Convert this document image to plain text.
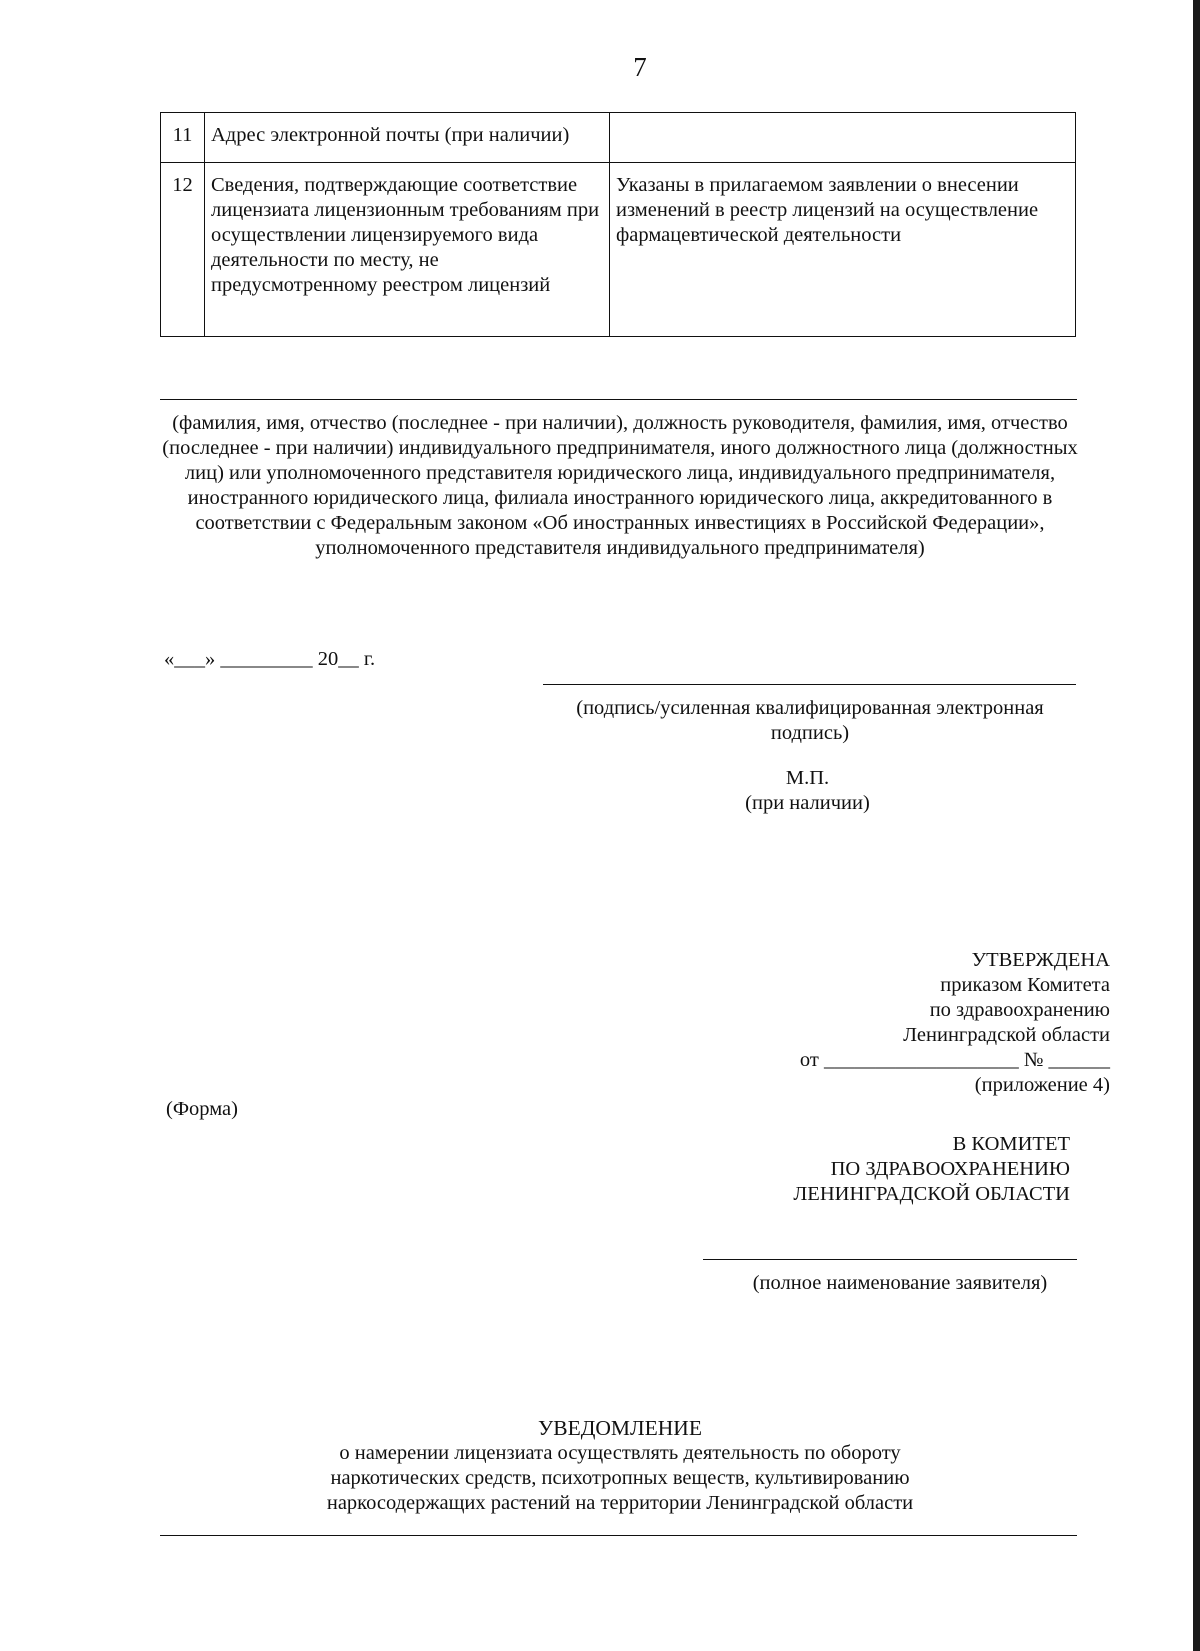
7
11	Адрес электронной почты (при наличии)	
12	Сведения, подтверждающие соответствие лицензиата лицензионным требованиям при осуществлении лицензируемого вида деятельности по месту, не предусмотренному реестром лицензий	Указаны в прилагаемом заявлении о внесении изменений в реестр лицензий на осуществление фармацевтической деятельности
(фамилия, имя, отчество (последнее - при наличии), должность руководителя, фамилия, имя, отчество (последнее - при наличии) индивидуального предпринимателя, иного должностного лица (должностных лиц) или уполномоченного представителя юридического лица, индивидуального предпринимателя, иностранного юридического лица, филиала иностранного юридического лица, аккредитованного в соответствии с Федеральным законом «Об иностранных инвестициях в Российской Федерации», уполномоченного представителя индивидуального предпринимателя)
«___» _________ 20__ г.
(подпись/усиленная квалифицированная электронная подпись)
М.П.
(при наличии)
УТВЕРЖДЕНА
приказом Комитета
по здравоохранению
Ленинградской области
от ___________________ № ______
(приложение 4)
(Форма)
В КОМИТЕТ
ПО ЗДРАВООХРАНЕНИЮ
ЛЕНИНГРАДСКОЙ ОБЛАСТИ
(полное наименование заявителя)
УВЕДОМЛЕНИЕ
о намерении лицензиата осуществлять деятельность по обороту
наркотических средств, психотропных веществ, культивированию
наркосодержащих растений на территории Ленинградской области
